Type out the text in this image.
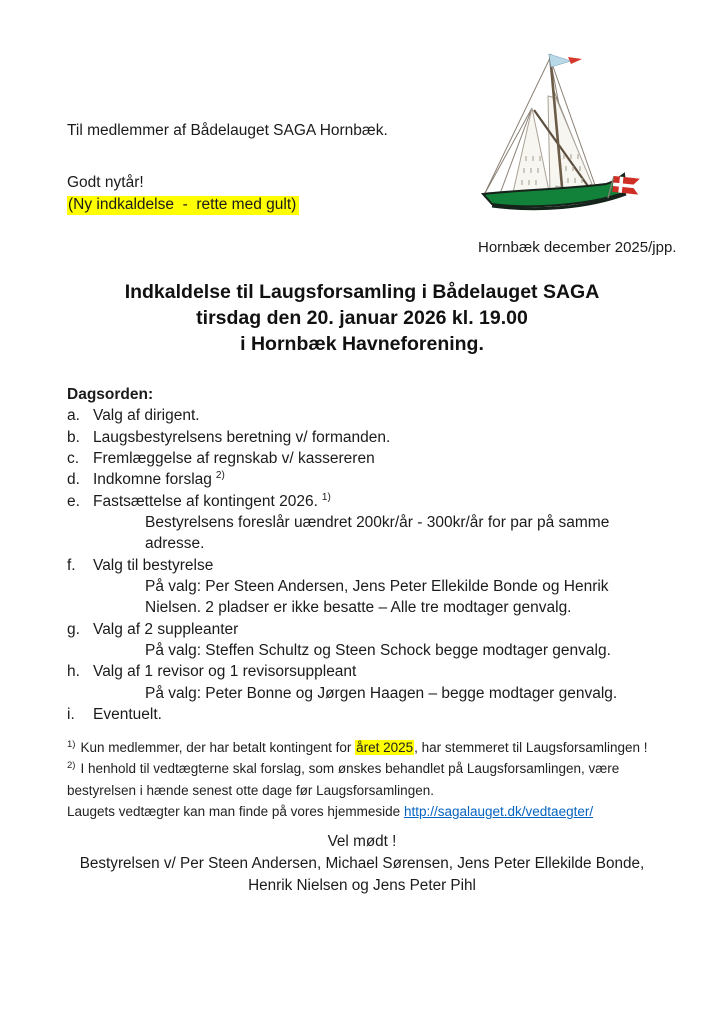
Til medlemmer af Bådelauget SAGA Hornbæk.
Godt nytår!
(Ny indkaldelse  -  rette med gult)
Hornbæk december 2025/jpp.
Indkaldelse til Laugsforsamling i Bådelauget SAGA
tirsdag den 20. januar 2026 kl. 19.00
i Hornbæk Havneforening.
Dagsorden:
a. Valg af dirigent.
b. Laugsbestyrelsens beretning v/ formanden.
c. Fremlæggelse af regnskab v/ kassereren
d. Indkomne forslag $^{2)}$
e. Fastsættelse af kontingent 2026. $^{1)}$
Bestyrelsens foreslår uændret 200kr/år - 300kr/år for par på samme
adresse.
f.	Valg til bestyrelse
På valg: Per Steen Andersen, Jens Peter Ellekilde Bonde og Henrik
Nielsen. 2 pladser er ikke besatte – Alle tre modtager genvalg.
g. Valg af 2 suppleanter
På valg: Steffen Schultz og Steen Schock begge modtager genvalg.
h. Valg af 1 revisor og 1 revisorsuppleant
På valg: Peter Bonne og Jørgen Haagen – begge modtager genvalg.
i.	Eventuelt.
$^{1)}$ Kun medlemmer, der har betalt kontingent for året 2025, har stemmeret til Laugsforsamlingen !
$^{2)}$ I henhold til vedtægterne skal forslag, som ønskes behandlet på Laugsforsamlingen, være
bestyrelsen i hænde senest otte dage før Laugsforsamlingen.
Laugets vedtægter kan man finde på vores hjemmeside http://sagalauget.dk/vedtaegter/
Vel mødt !
Bestyrelsen v/ Per Steen Andersen, Michael Sørensen, Jens Peter Ellekilde Bonde,
Henrik Nielsen og Jens Peter Pihl
